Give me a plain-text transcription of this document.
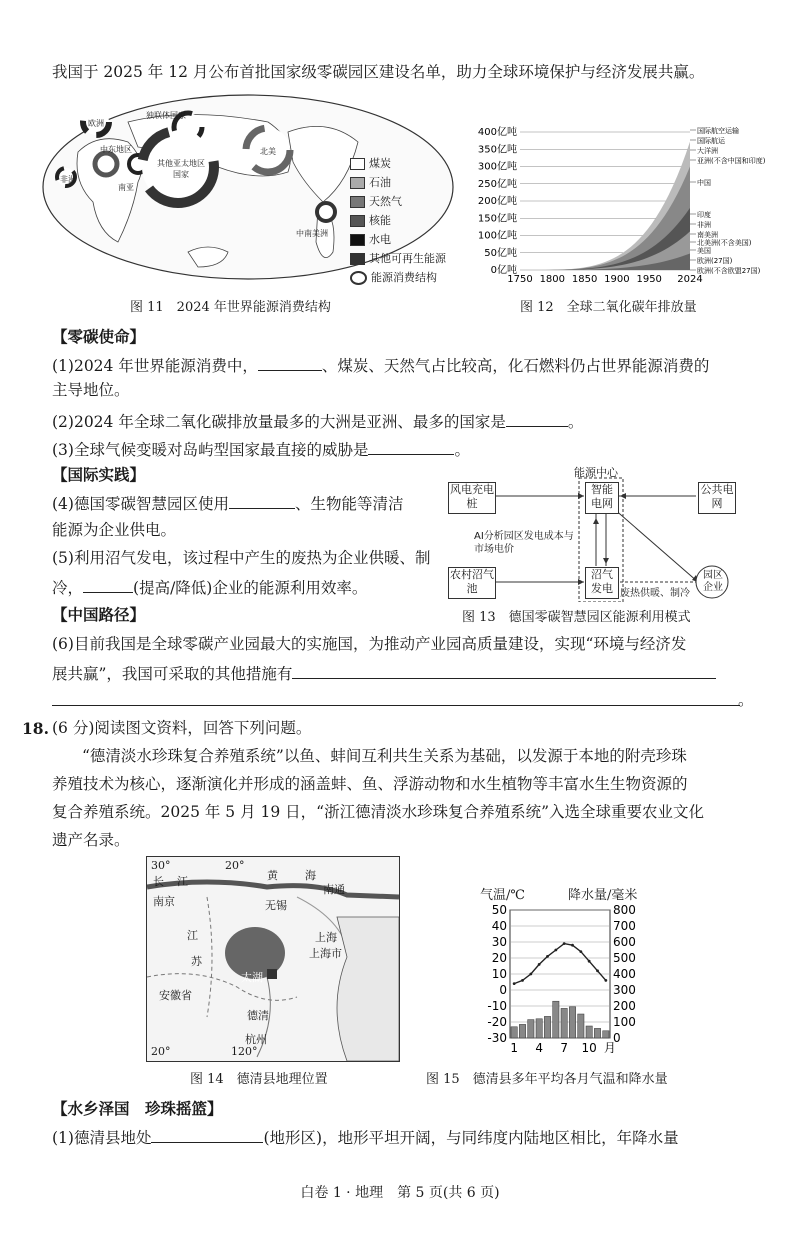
我国于 2025 年 12 月公布首批国家级零碳园区建设名单，助力全球环境保护与经济发展共赢。
欧洲
独联体国家
中东地区
非洲
南亚
其他亚太地区国家
北美
中南美洲
煤炭
石油
天然气
核能
水电
其他可再生能源
能源消费结构
图 11　2024 年世界能源消费结构
400亿吨
350亿吨
300亿吨
250亿吨
200亿吨
150亿吨
100亿吨
50亿吨
0亿吨
1750 1800 1850 1900 1950 2024
国际航空运输
国际航运
大洋洲
亚洲(不含中国和印度)
中国
印度
非洲
南美洲
北美洲(不含美国)
美国
欧洲(27国)
欧洲(不含欧盟27国)
图 12　全球二氧化碳年排放量
【零碳使命】
(1)2024 年世界能源消费中，	、煤炭、天然气占比较高，化石燃料仍占世界能源消费的
主导地位。
(2)2024 年全球二氧化碳排放量最多的大洲是亚洲、最多的国家是	。
(3)全球气候变暖对岛屿型国家最直接的威胁是	。
【国际实践】
(4)德国零碳智慧园区使用	、生物能等清洁
能源为企业供电。
(5)利用沼气发电，该过程中产生的废热为企业供暖、制
冷，	(提高/降低)企业的能源利用效率。
能源中心
风电充电桩
智能电网
公共电网
AI分析园区发电成本与市场电价
农村沼气池
沼气发电 废热供暖、制冷
园区企业
图 13　德国零碳智慧园区能源利用模式
【中国路径】
(6)目前我国是全球零碳产业园最大的实施国，为推动产业园高质量建设，实现“环境与经济发
展共赢”，我国可采取的其他措施有
。
18. (6 分)阅读图文资料，回答下列问题。
“德清淡水珍珠复合养殖系统”以鱼、蚌间互利共生关系为基础，以发源于本地的附壳珍珠
养殖技术为核心，逐渐演化并形成的涵盖蚌、鱼、浮游动物和水生植物等丰富水生生物资源的
复合养殖系统。2025 年 5 月 19 日，“浙江德清淡水珍珠复合养殖系统”入选全球重要农业文化
遗产名录。
30°	20°
长 江
南京	无锡
上海
上海市
江
苏
安徽省
德清
杭州
太湖
南通
黄 海
20°	120°
图 14　德清县地理位置
气温/℃	降水量/毫米
50	800
40	700
30	600
20	500
10	400
0	300
-10	200
-20	100
-30	0
1 4 7 10 月
图 15　德清县多年平均各月气温和降水量
【水乡泽国　珍珠摇篮】
(1)德清县地处	(地形区)，地形平坦开阔，与同纬度内陆地区相比，年降水量
白卷 1 · 地理　第 5 页(共 6 页)
